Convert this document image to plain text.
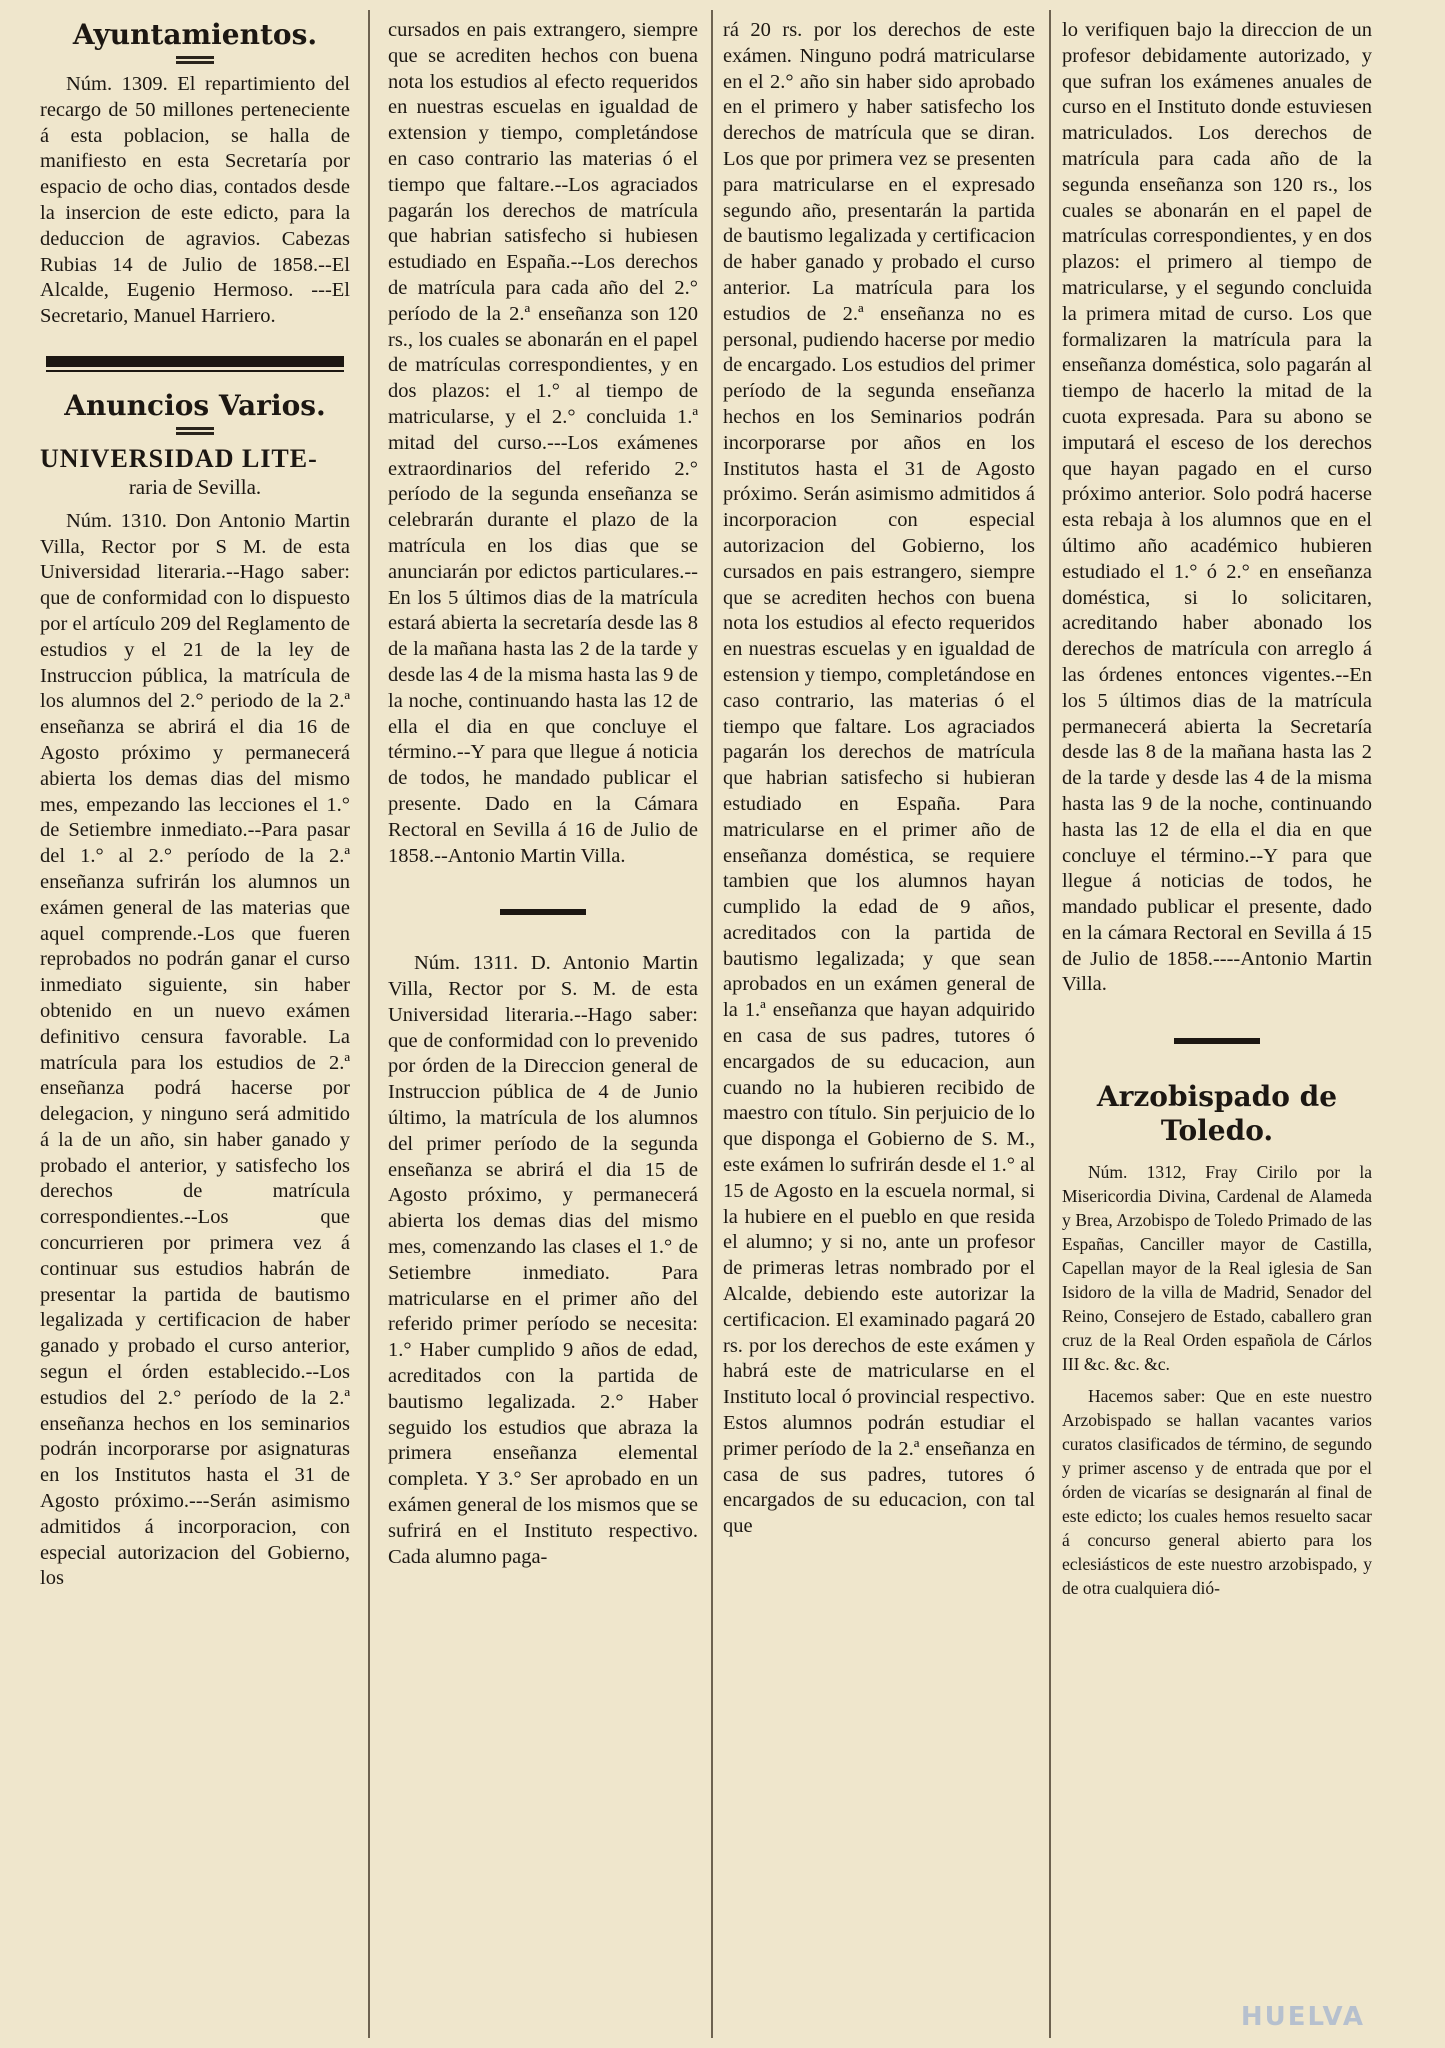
Ayuntamientos.

Núm. 1309. El repartimiento del recargo de 50 millones perteneciente á esta poblacion, se halla de manifiesto en esta Secretaría por espacio de ocho dias, contados desde la insercion de este edicto, para la deduccion de agravios. Cabezas Rubias 14 de Julio de 1858.--El Alcalde, Eugenio Hermoso. ---El Secretario, Manuel Harriero.

Anuncios Varios.
UNIVERSIDAD LITE-
raria de Sevilla.

Núm. 1310. Don Antonio Martin Villa, Rector por S M. de esta Universidad literaria.--Hago saber: que de conformidad con lo dispuesto por el artículo 209 del Reglamento de estudios y el 21 de la ley de Instruccion pública, la matrícula de los alumnos del 2.° periodo de la 2.ª enseñanza se abrirá el dia 16 de Agosto próximo y permanecerá abierta los demas dias del mismo mes, empezando las lecciones el 1.° de Setiembre inmediato.--Para pasar del 1.° al 2.° período de la 2.ª enseñanza sufrirán los alumnos un exámen general de las materias que aquel comprende.-Los que fueren reprobados no podrán ganar el curso inmediato siguiente, sin haber obtenido en un nuevo exámen definitivo censura favorable. La matrícula para los estudios de 2.ª enseñanza podrá hacerse por delegacion, y ninguno será admitido á la de un año, sin haber ganado y probado el anterior, y satisfecho los derechos de matrícula correspondientes.--Los que concurrieren por primera vez á continuar sus estudios habrán de presentar la partida de bautismo legalizada y certificacion de haber ganado y probado el curso anterior, segun el órden establecido.--Los estudios del 2.° período de la 2.ª enseñanza hechos en los seminarios podrán incorporarse por asignaturas en los Institutos hasta el 31 de Agosto próximo.---Serán asimismo admitidos á incorporacion, con especial autorizacion del Gobierno, los

cursados en pais extrangero, siempre que se acrediten hechos con buena nota los estudios al efecto requeridos en nuestras escuelas en igualdad de extension y tiempo, completándose en caso contrario las materias ó el tiempo que faltare.--Los agraciados pagarán los derechos de matrícula que habrian satisfecho si hubiesen estudiado en España.--Los derechos de matrícula para cada año del 2.° período de la 2.ª enseñanza son 120 rs., los cuales se abonarán en el papel de matrículas correspondientes, y en dos plazos: el 1.° al tiempo de matricularse, y el 2.° concluida 1.ª mitad del curso.---Los exámenes extraordinarios del referido 2.° período de la segunda enseñanza se celebrarán durante el plazo de la matrícula en los dias que se anunciarán por edictos particulares.--En los 5 últimos dias de la matrícula estará abierta la secretaría desde las 8 de la mañana hasta las 2 de la tarde y desde las 4 de la misma hasta las 9 de la noche, continuando hasta las 12 de ella el dia en que concluye el término.--Y para que llegue á noticia de todos, he mandado publicar el presente. Dado en la Cámara Rectoral en Sevilla á 16 de Julio de 1858.--Antonio Martin Villa.

Núm. 1311. D. Antonio Martin Villa, Rector por S. M. de esta Universidad literaria.--Hago saber: que de conformidad con lo prevenido por órden de la Direccion general de Instruccion pública de 4 de Junio último, la matrícula de los alumnos del primer período de la segunda enseñanza se abrirá el dia 15 de Agosto próximo, y permanecerá abierta los demas dias del mismo mes, comenzando las clases el 1.° de Setiembre inmediato. Para matricularse en el primer año del referido primer período se necesita: 1.° Haber cumplido 9 años de edad, acreditados con la partida de bautismo legalizada. 2.° Haber seguido los estudios que abraza la primera enseñanza elemental completa. Y 3.° Ser aprobado en un exámen general de los mismos que se sufrirá en el Instituto respectivo. Cada alumno paga-

rá 20 rs. por los derechos de este exámen. Ninguno podrá matricularse en el 2.° año sin haber sido aprobado en el primero y haber satisfecho los derechos de matrícula que se diran. Los que por primera vez se presenten para matricularse en el expresado segundo año, presentarán la partida de bautismo legalizada y certificacion de haber ganado y probado el curso anterior. La matrícula para los estudios de 2.ª enseñanza no es personal, pudiendo hacerse por medio de encargado. Los estudios del primer período de la segunda enseñanza hechos en los Seminarios podrán incorporarse por años en los Institutos hasta el 31 de Agosto próximo. Serán asimismo admitidos á incorporacion con especial autorizacion del Gobierno, los cursados en pais estrangero, siempre que se acrediten hechos con buena nota los estudios al efecto requeridos en nuestras escuelas y en igualdad de estension y tiempo, completándose en caso contrario, las materias ó el tiempo que faltare. Los agraciados pagarán los derechos de matrícula que habrian satisfecho si hubieran estudiado en España. Para matricularse en el primer año de enseñanza doméstica, se requiere tambien que los alumnos hayan cumplido la edad de 9 años, acreditados con la partida de bautismo legalizada; y que sean aprobados en un exámen general de la 1.ª enseñanza que hayan adquirido en casa de sus padres, tutores ó encargados de su educacion, aun cuando no la hubieren recibido de maestro con título. Sin perjuicio de lo que disponga el Gobierno de S. M., este exámen lo sufrirán desde el 1.° al 15 de Agosto en la escuela normal, si la hubiere en el pueblo en que resida el alumno; y si no, ante un profesor de primeras letras nombrado por el Alcalde, debiendo este autorizar la certificacion. El examinado pagará 20 rs. por los derechos de este exámen y habrá este de matricularse en el Instituto local ó provincial respectivo. Estos alumnos podrán estudiar el primer período de la 2.ª enseñanza en casa de sus padres, tutores ó encargados de su educacion, con tal que

lo verifiquen bajo la direccion de un profesor debidamente autorizado, y que sufran los exámenes anuales de curso en el Instituto donde estuviesen matriculados. Los derechos de matrícula para cada año de la segunda enseñanza son 120 rs., los cuales se abonarán en el papel de matrículas correspondientes, y en dos plazos: el primero al tiempo de matricularse, y el segundo concluida la primera mitad de curso. Los que formalizaren la matrícula para la enseñanza doméstica, solo pagarán al tiempo de hacerlo la mitad de la cuota expresada. Para su abono se imputará el esceso de los derechos que hayan pagado en el curso próximo anterior. Solo podrá hacerse esta rebaja à los alumnos que en el último año académico hubieren estudiado el 1.° ó 2.° en enseñanza doméstica, si lo solicitaren, acreditando haber abonado los derechos de matrícula con arreglo á las órdenes entonces vigentes.--En los 5 últimos dias de la matrícula permanecerá abierta la Secretaría desde las 8 de la mañana hasta las 2 de la tarde y desde las 4 de la misma hasta las 9 de la noche, continuando hasta las 12 de ella el dia en que concluye el término.--Y para que llegue á noticias de todos, he mandado publicar el presente, dado en la cámara Rectoral en Sevilla á 15 de Julio de 1858.----Antonio Martin Villa.

Arzobispado de Toledo.

Núm. 1312, Fray Cirilo por la Misericordia Divina, Cardenal de Alameda y Brea, Arzobispo de Toledo Primado de las Españas, Canciller mayor de Castilla, Capellan mayor de la Real iglesia de San Isidoro de la villa de Madrid, Senador del Reino, Consejero de Estado, caballero gran cruz de la Real Orden española de Cárlos III &c. &c. &c.

Hacemos saber: Que en este nuestro Arzobispado se hallan vacantes varios curatos clasificados de término, de segundo y primer ascenso y de entrada que por el órden de vicarías se designarán al final de este edicto; los cuales hemos resuelto sacar á concurso general abierto para los eclesiásticos de este nuestro arzobispado, y de otra cualquiera dió-

HUELVA
